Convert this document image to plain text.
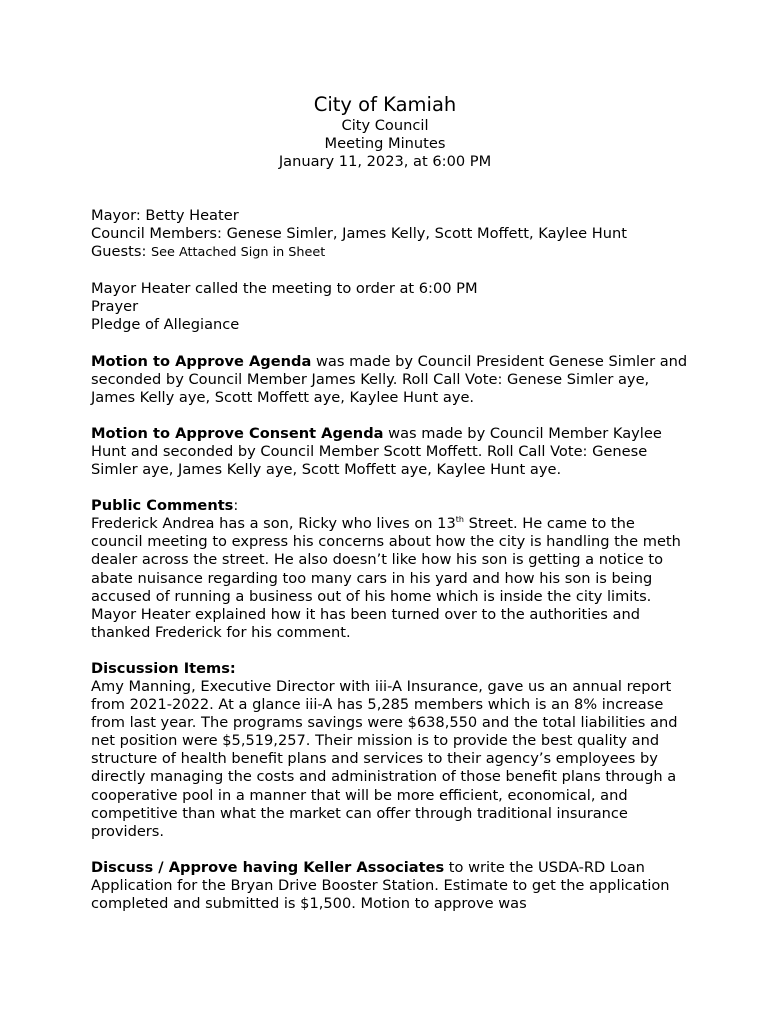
City of Kamiah
City Council
Meeting Minutes
January 11, 2023, at 6:00 PM
Mayor: Betty Heater
Council Members: Genese Simler, James Kelly, Scott Moffett, Kaylee Hunt
Guests: See Attached Sign in Sheet
Mayor Heater called the meeting to order at 6:00 PM
Prayer
Pledge of Allegiance

Motion to Approve Agenda was made by Council President Genese Simler and seconded by Council Member James Kelly. Roll Call Vote: Genese Simler aye, James Kelly aye, Scott Moffett aye, Kaylee Hunt aye.

Motion to Approve Consent Agenda was made by Council Member Kaylee Hunt and seconded by Council Member Scott Moffett. Roll Call Vote: Genese Simler aye, James Kelly aye, Scott Moffett aye, Kaylee Hunt aye.

Public Comments:

Frederick Andrea has a son, Ricky who lives on 13th Street. He came to the council meeting to express his concerns about how the city is handling the meth dealer across the street. He also doesn’t like how his son is getting a notice to abate nuisance regarding too many cars in his yard and how his son is being accused of running a business out of his home which is inside the city limits.

Mayor Heater explained how it has been turned over to the authorities and thanked Frederick for his comment.

Discussion Items:

Amy Manning, Executive Director with iii-A Insurance, gave us an annual report from 2021-2022. At a glance iii-A has 5,285 members which is an 8% increase from last year. The programs savings were $638,550 and the total liabilities and net position were $5,519,257. Their mission is to provide the best quality and structure of health benefit plans and services to their agency’s employees by directly managing the costs and administration of those benefit plans through a cooperative pool in a manner that will be more efficient, economical, and competitive than what the market can offer through traditional insurance providers.

Discuss / Approve having Keller Associates to write the USDA-RD Loan Application for the Bryan Drive Booster Station. Estimate to get the application completed and submitted is $1,500. Motion to approve was
